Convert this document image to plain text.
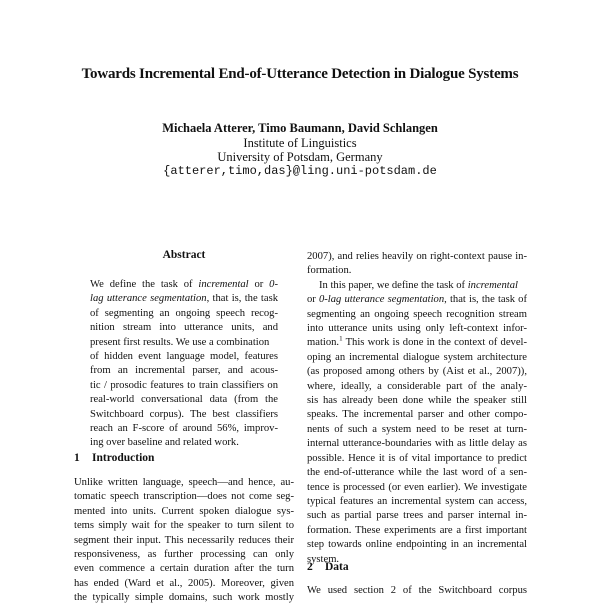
Towards Incremental End-of-Utterance Detection in Dialogue Systems
Michaela Atterer, Timo Baumann, David Schlangen
Institute of Linguistics
University of Potsdam, Germany
{atterer,timo,das}@ling.uni-potsdam.de
Abstract
We define the task of incremental or 0-
lag utterance segmentation, that is, the task
of segmenting an ongoing speech recog-
nition stream into utterance units, and
present first results. We use a combination
of hidden event language model, features
from an incremental parser, and acous-
tic / prosodic features to train classifiers on
real-world conversational data (from the
Switchboard corpus). The best classifiers
reach an F-score of around 56%, improv-
ing over baseline and related work.
1 Introduction
Unlike written language, speech—and hence, au-
tomatic speech transcription—does not come seg-
mented into units. Current spoken dialogue sys-
tems simply wait for the speaker to turn silent to
segment their input. This necessarily reduces their
responsiveness, as further processing can only
even commence a certain duration after the turn
has ended (Ward et al., 2005). Moreover, given
the typically simple domains, such work mostly
2007), and relies heavily on right-context pause in-
formation.
In this paper, we define the task of incremental
or 0-lag utterance segmentation, that is, the task of
segmenting an ongoing speech recognition stream
into utterance units using only left-context infor-
mation.$^1$ This work is done in the context of devel-
oping an incremental dialogue system architecture
(as proposed among others by (Aist et al., 2007)),
where, ideally, a considerable part of the analy-
sis has already been done while the speaker still
speaks. The incremental parser and other compo-
nents of such a system need to be reset at turn-
internal utterance-boundaries with as little delay as
possible. Hence it is of vital importance to predict
the end-of-utterance while the last word of a sen-
tence is processed (or even earlier). We investigate
typical features an incremental system can access,
such as partial parse trees and parser internal in-
formation. These experiments are a first important
step towards online endpointing in an incremental
system.
2 Data
We used section 2 of the Switchboard corpus
